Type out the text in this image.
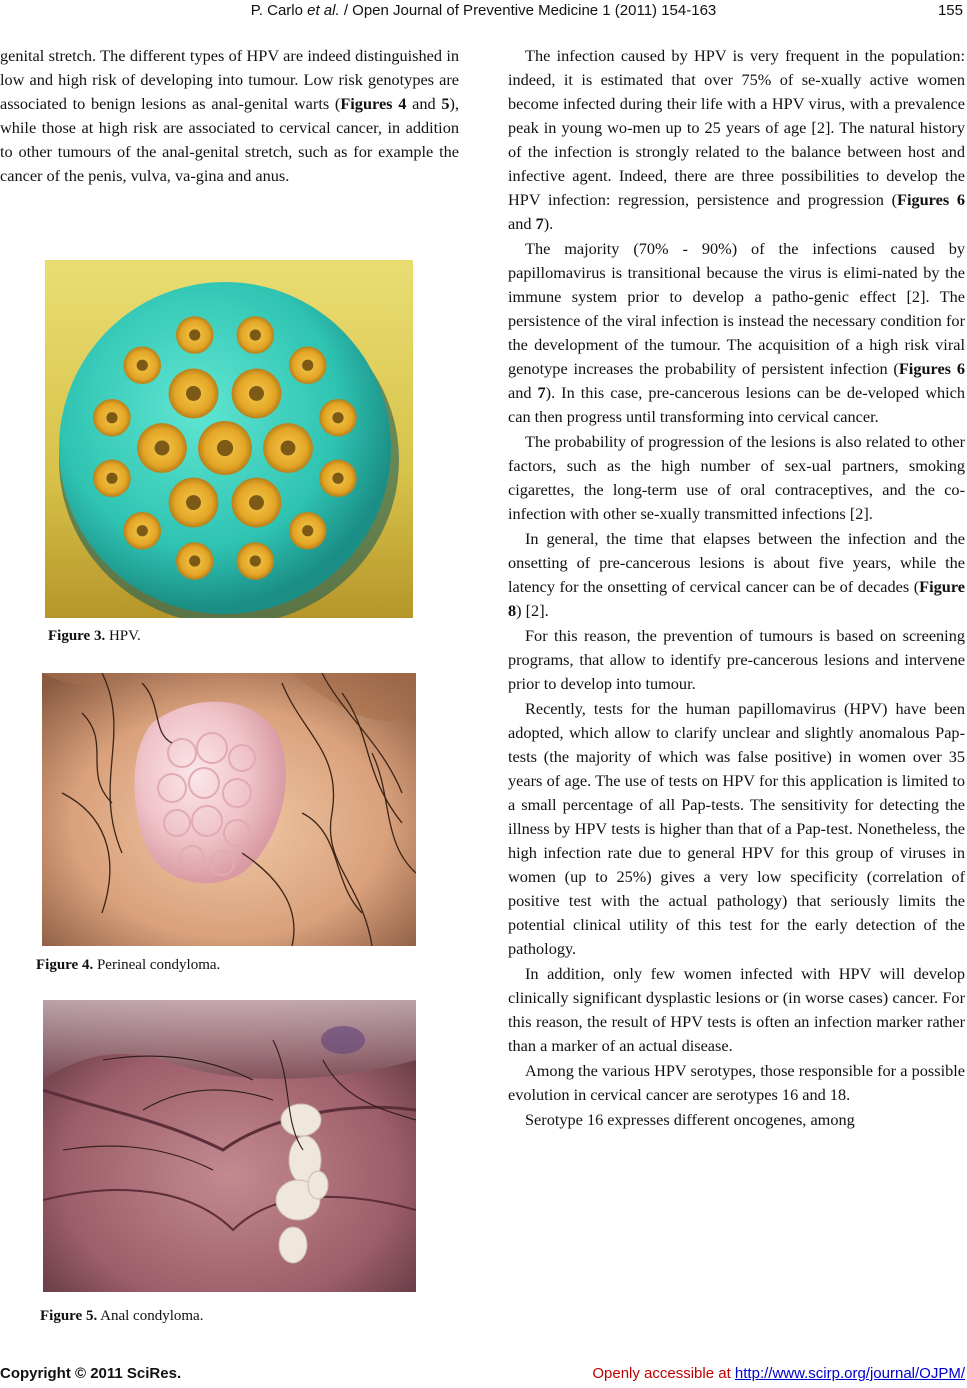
P. Carlo et al. / Open Journal of Preventive Medicine 1 (2011) 154-163	155

genital stretch. The different types of HPV are indeed distinguished in low and high risk of developing into tumour. Low risk genotypes are associated to benign lesions as anal-genital warts (Figures 4 and 5), while those at high risk are associated to cervical cancer, in addition to other tumours of the anal-genital stretch, such as for example the cancer of the penis, vulva, va-gina and anus.

Figure 3. HPV.
Figure 4. Perineal condyloma.
Figure 5. Anal condyloma.

The infection caused by HPV is very frequent in the population: indeed, it is estimated that over 75% of se-xually active women become infected during their life with a HPV virus, with a prevalence peak in young wo-men up to 25 years of age [2]. The natural history of the infection is strongly related to the balance between host and infective agent. Indeed, there are three possibilities to develop the HPV infection: regression, persistence and progression (Figures 6 and 7).

The majority (70% - 90%) of the infections caused by papillomavirus is transitional because the virus is elimi-nated by the immune system prior to develop a patho-genic effect [2]. The persistence of the viral infection is instead the necessary condition for the development of the tumour. The acquisition of a high risk viral genotype increases the probability of persistent infection (Figures 6 and 7). In this case, pre-cancerous lesions can be de-veloped which can then progress until transforming into cervical cancer.

The probability of progression of the lesions is also related to other factors, such as the high number of sex-ual partners, smoking cigarettes, the long-term use of oral contraceptives, and the co-infection with other se-xually transmitted infections [2].

In general, the time that elapses between the infection and the onsetting of pre-cancerous lesions is about five years, while the latency for the onsetting of cervical cancer can be of decades (Figure 8) [2].

For this reason, the prevention of tumours is based on screening programs, that allow to identify pre-cancerous lesions and intervene prior to develop into tumour.

Recently, tests for the human papillomavirus (HPV) have been adopted, which allow to clarify unclear and slightly anomalous Pap-tests (the majority of which was false positive) in women over 35 years of age. The use of tests on HPV for this application is limited to a small percentage of all Pap-tests. The sensitivity for detecting the illness by HPV tests is higher than that of a Pap-test. Nonetheless, the high infection rate due to general HPV for this group of viruses in women (up to 25%) gives a very low specificity (correlation of positive test with the actual pathology) that seriously limits the potential clinical utility of this test for the early detection of the pathology.

In addition, only few women infected with HPV will develop clinically significant dysplastic lesions or (in worse cases) cancer. For this reason, the result of HPV tests is often an infection marker rather than a marker of an actual disease.

Among the various HPV serotypes, those responsible for a possible evolution in cervical cancer are serotypes 16 and 18.

Serotype 16 expresses different oncogenes, among

Copyright © 2011 SciRes.	Openly accessible at http://www.scirp.org/journal/OJPM/
